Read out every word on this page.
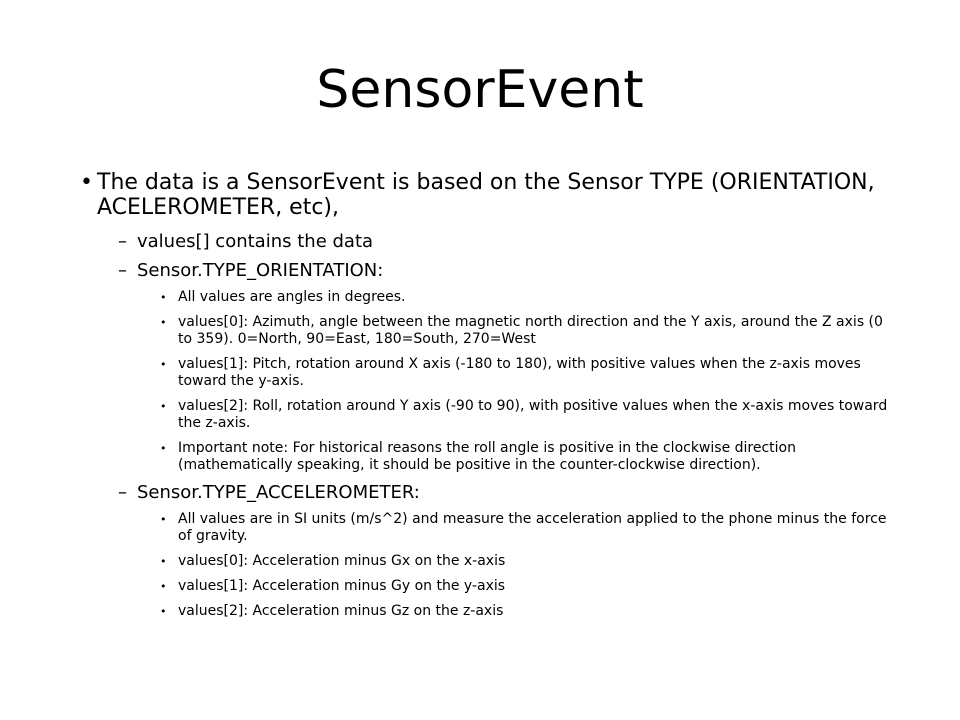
SensorEvent
• The data is a SensorEvent is based on the Sensor TYPE (ORIENTATION, ACELEROMETER, etc),
– values[] contains the data
– Sensor.TYPE_ORIENTATION:
• All values are angles in degrees.
• values[0]: Azimuth, angle between the magnetic north direction and the Y axis, around the Z axis (0 to 359). 0=North, 90=East, 180=South, 270=West
• values[1]: Pitch, rotation around X axis (-180 to 180), with positive values when the z-axis moves toward the y-axis.
• values[2]: Roll, rotation around Y axis (-90 to 90), with positive values when the x-axis moves toward the z-axis.
• Important note: For historical reasons the roll angle is positive in the clockwise direction (mathematically speaking, it should be positive in the counter-clockwise direction).
– Sensor.TYPE_ACCELEROMETER:
• All values are in SI units (m/s^2) and measure the acceleration applied to the phone minus the force of gravity.
• values[0]: Acceleration minus Gx on the x-axis
• values[1]: Acceleration minus Gy on the y-axis
• values[2]: Acceleration minus Gz on the z-axis
